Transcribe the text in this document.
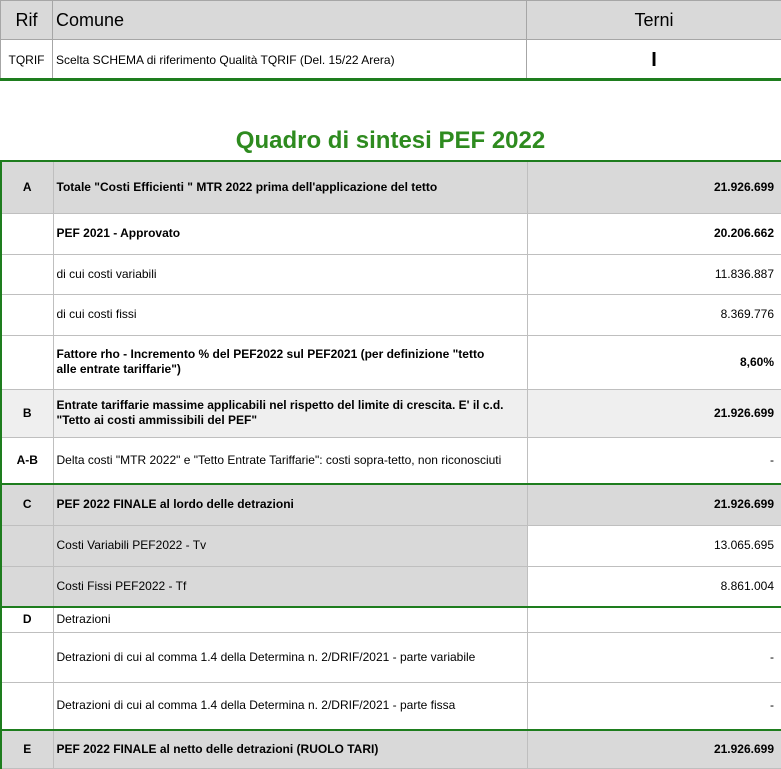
Rif	Comune	Terni
TQRIF	Scelta SCHEMA di riferimento Qualità TQRIF (Del. 15/22 Arera)	I
Quadro di sintesi PEF 2022
A	Totale "Costi Efficienti " MTR 2022 prima dell'applicazione del tetto	21.926.699
	PEF 2021 - Approvato	20.206.662
	di cui costi variabili	11.836.887
	di cui costi fissi	8.369.776
	Fattore rho - Incremento % del PEF2022 sul PEF2021 (per definizione "tetto alle entrate tariffarie")	8,60%
B	Entrate tariffarie massime applicabili nel rispetto del limite di crescita. E' il c.d. "Tetto ai costi ammissibili del PEF"	21.926.699
A-B	Delta costi "MTR 2022" e "Tetto Entrate Tariffarie": costi sopra-tetto, non riconosciuti	-
C	PEF 2022 FINALE al lordo delle detrazioni	21.926.699
	Costi Variabili PEF2022 - Tv	13.065.695
	Costi Fissi PEF2022 - Tf	8.861.004
D	Detrazioni	
	Detrazioni di cui al comma 1.4 della Determina n. 2/DRIF/2021 - parte variabile	-
	Detrazioni di cui al comma 1.4 della Determina n. 2/DRIF/2021 - parte fissa	-
E	PEF 2022 FINALE al netto delle detrazioni (RUOLO TARI)	21.926.699
